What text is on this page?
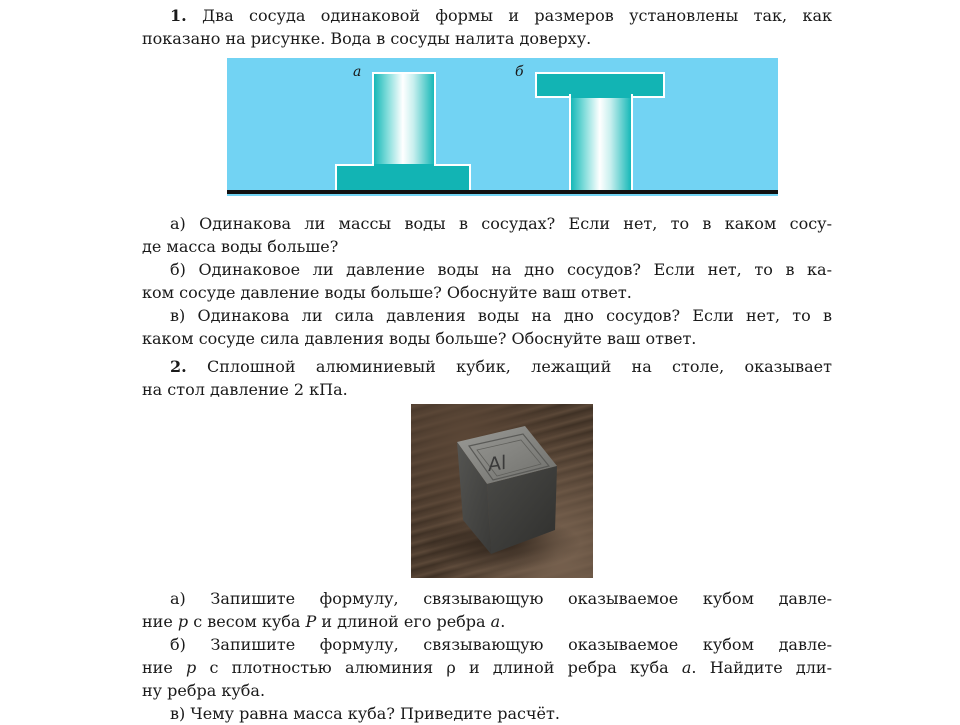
1. Два сосуда одинаковой формы и размеров установлены так, как
показано на рисунке. Вода в сосуды налита доверху.
а	б
а) Одинакова ли массы воды в сосудах? Если нет, то в каком сосу-
де масса воды больше?
б) Одинаковое ли давление воды на дно сосудов? Если нет, то в ка-
ком сосуде давление воды больше? Обоснуйте ваш ответ.
в) Одинакова ли сила давления воды на дно сосудов? Если нет, то в
каком сосуде сила давления воды больше? Обоснуйте ваш ответ.
2. Сплошной алюминиевый кубик, лежащий на столе, оказывает
на стол давление 2 кПа.
Al
а) Запишите формулу, связывающую оказываемое кубом давле-
ние p с весом куба P и длиной его ребра a.
б) Запишите формулу, связывающую оказываемое кубом давле-
ние p с плотностью алюминия ρ и длиной ребра куба a. Найдите дли-
ну ребра куба.
в) Чему равна масса куба? Приведите расчёт.
